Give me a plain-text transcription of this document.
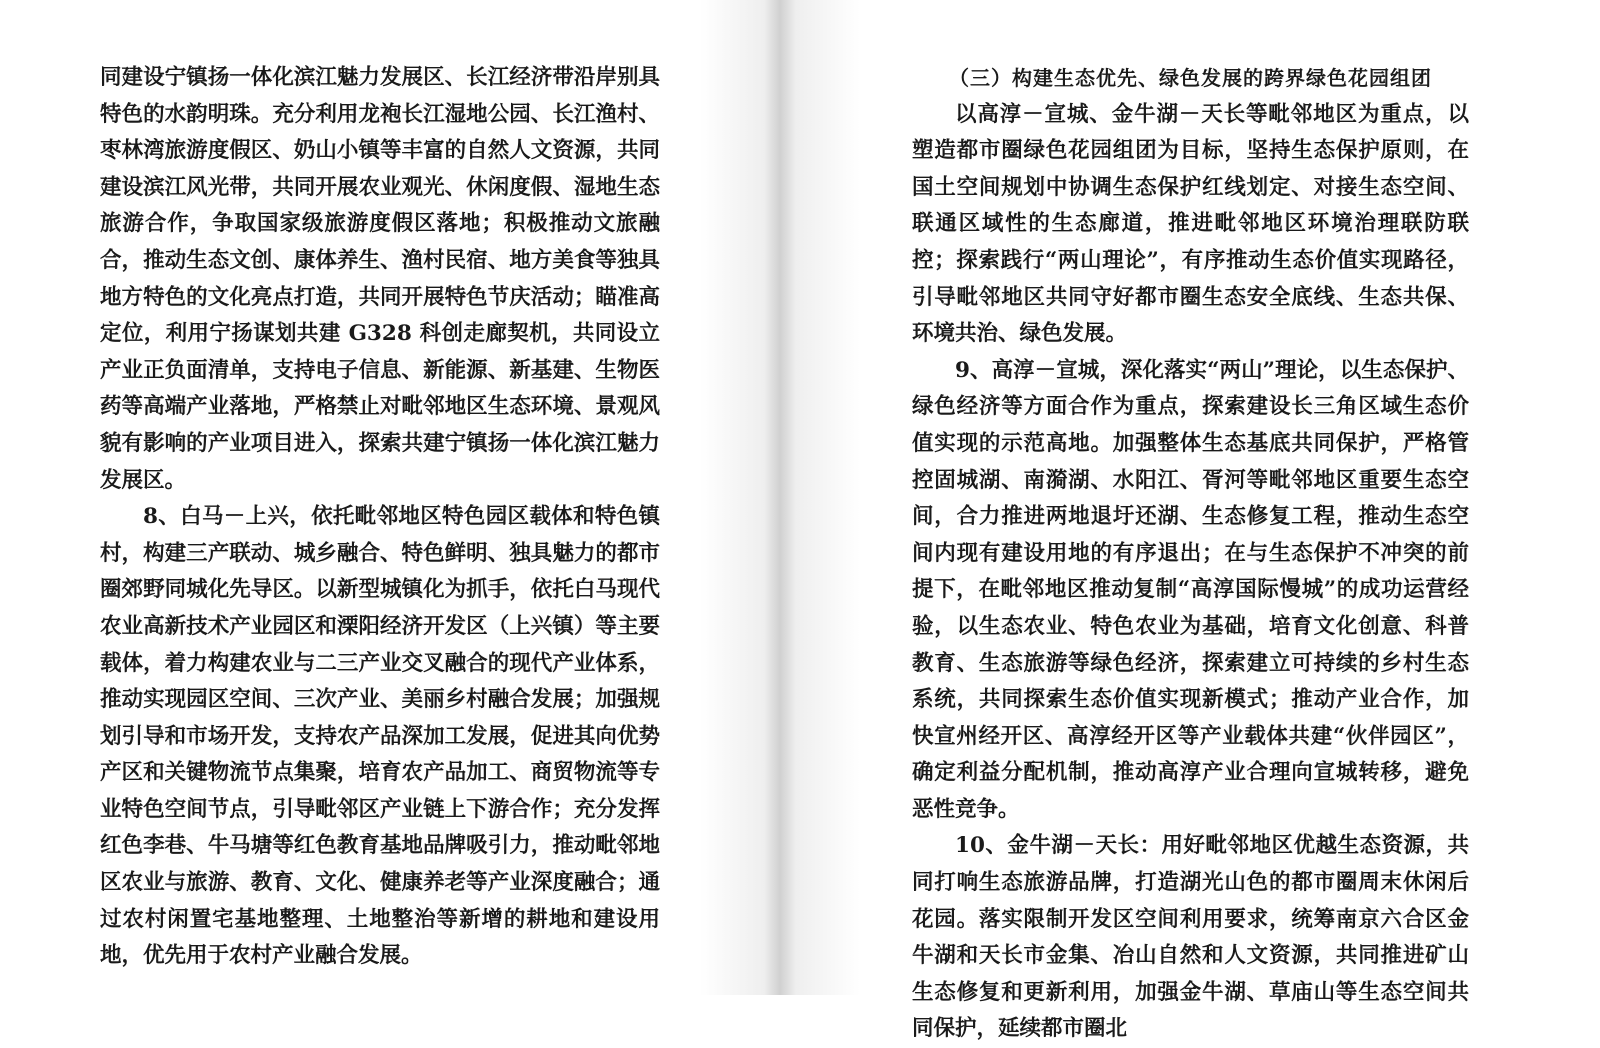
同建设宁镇扬一体化滨江魅力发展区、长江经济带沿岸别具特色的水韵明珠。充分利用龙袍长江湿地公园、长江渔村、枣林湾旅游度假区、奶山小镇等丰富的自然人文资源，共同建设滨江风光带，共同开展农业观光、休闲度假、湿地生态旅游合作，争取国家级旅游度假区落地；积极推动文旅融合，推动生态文创、康体养生、渔村民宿、地方美食等独具地方特色的文化亮点打造，共同开展特色节庆活动；瞄准高定位，利用宁扬谋划共建 G328 科创走廊契机，共同设立产业正负面清单，支持电子信息、新能源、新基建、生物医药等高端产业落地，严格禁止对毗邻地区生态环境、景观风貌有影响的产业项目进入，探索共建宁镇扬一体化滨江魅力发展区。

8、白马－上兴，依托毗邻地区特色园区载体和特色镇村，构建三产联动、城乡融合、特色鲜明、独具魅力的都市圈郊野同城化先导区。以新型城镇化为抓手，依托白马现代农业高新技术产业园区和溧阳经济开发区（上兴镇）等主要载体，着力构建农业与二三产业交叉融合的现代产业体系，推动实现园区空间、三次产业、美丽乡村融合发展；加强规划引导和市场开发，支持农产品深加工发展，促进其向优势产区和关键物流节点集聚，培育农产品加工、商贸物流等专业特色空间节点，引导毗邻区产业链上下游合作；充分发挥红色李巷、牛马塘等红色教育基地品牌吸引力，推动毗邻地区农业与旅游、教育、文化、健康养老等产业深度融合；通过农村闲置宅基地整理、土地整治等新增的耕地和建设用地，优先用于农村产业融合发展。

（三）构建生态优先、绿色发展的跨界绿色花园组团

以高淳－宣城、金牛湖－天长等毗邻地区为重点，以塑造都市圈绿色花园组团为目标，坚持生态保护原则，在国土空间规划中协调生态保护红线划定、对接生态空间、联通区域性的生态廊道，推进毗邻地区环境治理联防联控；探索践行“两山理论”，有序推动生态价值实现路径，引导毗邻地区共同守好都市圈生态安全底线、生态共保、环境共治、绿色发展。

9、高淳－宣城，深化落实“两山”理论，以生态保护、绿色经济等方面合作为重点，探索建设长三角区域生态价值实现的示范高地。加强整体生态基底共同保护，严格管控固城湖、南漪湖、水阳江、胥河等毗邻地区重要生态空间，合力推进两地退圩还湖、生态修复工程，推动生态空间内现有建设用地的有序退出；在与生态保护不冲突的前提下，在毗邻地区推动复制“高淳国际慢城”的成功运营经验，以生态农业、特色农业为基础，培育文化创意、科普教育、生态旅游等绿色经济，探索建立可持续的乡村生态系统，共同探索生态价值实现新模式；推动产业合作，加快宣州经开区、高淳经开区等产业载体共建“伙伴园区”，确定利益分配机制，推动高淳产业合理向宣城转移，避免恶性竞争。

10、金牛湖－天长：用好毗邻地区优越生态资源，共同打响生态旅游品牌，打造湖光山色的都市圈周末休闲后花园。落实限制开发区空间利用要求，统筹南京六合区金牛湖和天长市金集、冶山自然和人文资源，共同推进矿山生态修复和更新利用，加强金牛湖、草庙山等生态空间共同保护，延续都市圈北
